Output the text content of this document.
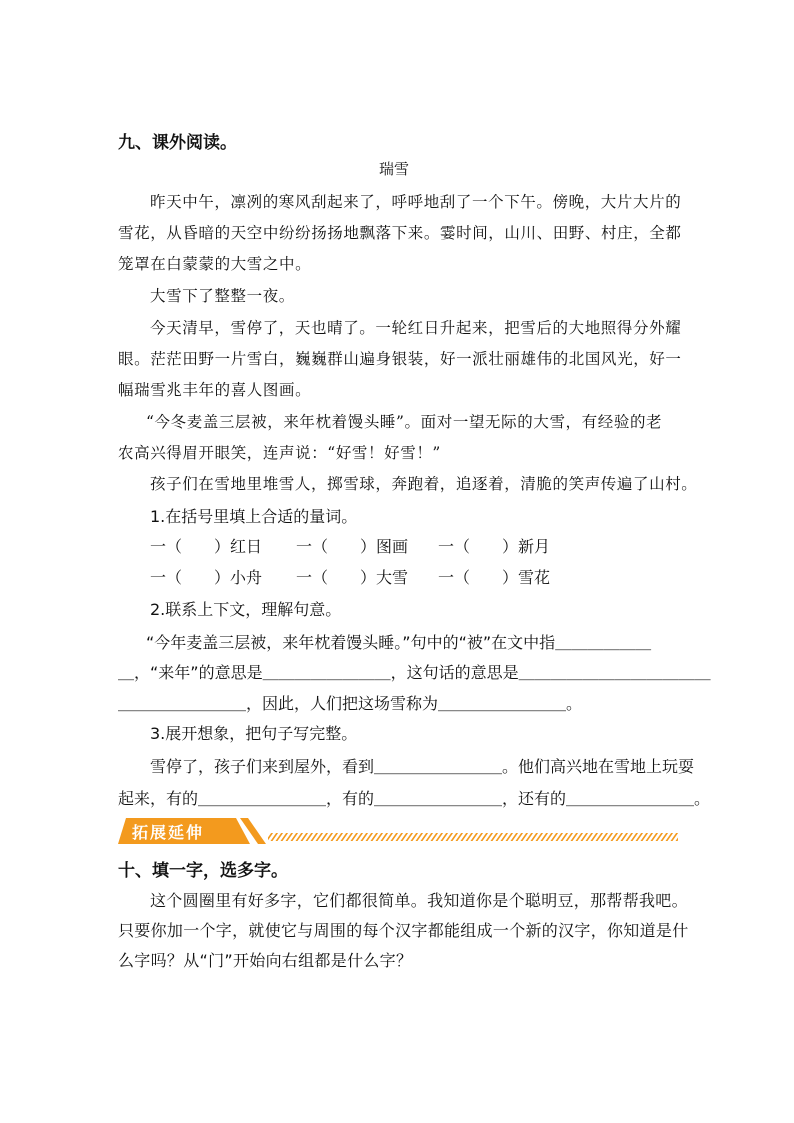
九、课外阅读。
瑞雪
昨天中午，凛冽的寒风刮起来了，呼呼地刮了一个下午。傍晚，大片大片的
雪花，从昏暗的天空中纷纷扬扬地飘落下来。霎时间，山川、田野、村庄，全都
笼罩在白蒙蒙的大雪之中。
大雪下了整整一夜。
今天清早，雪停了，天也晴了。一轮红日升起来，把雪后的大地照得分外耀
眼。茫茫田野一片雪白，巍巍群山遍身银装，好一派壮丽雄伟的北国风光，好一
幅瑞雪兆丰年的喜人图画。
“今冬麦盖三层被，来年枕着馒头睡”。面对一望无际的大雪，有经验的老
农高兴得眉开眼笑，连声说：“好雪！好雪！”
孩子们在雪地里堆雪人，掷雪球，奔跑着，追逐着，清脆的笑声传遍了山村。
1.在括号里填上合适的量词。
一（　　）红日 一（　　）图画 一（　　）新月
一（　　）小舟 一（　　）大雪 一（　　）雪花
2.联系上下文，理解句意。
“今年麦盖三层被，来年枕着馒头睡。”句中的“被”在文中指＿＿＿＿＿＿
＿，“来年”的意思是＿＿＿＿＿＿＿＿，这句话的意思是＿＿＿＿＿＿＿＿＿＿＿＿
＿＿＿＿＿＿＿＿，因此，人们把这场雪称为＿＿＿＿＿＿＿＿。
3.展开想象，把句子写完整。
雪停了，孩子们来到屋外，看到＿＿＿＿＿＿＿＿。他们高兴地在雪地上玩耍
起来，有的＿＿＿＿＿＿＿＿，有的＿＿＿＿＿＿＿＿，还有的＿＿＿＿＿＿＿＿。
拓展延伸
十、填一字，选多字。
这个圆圈里有好多字，它们都很简单。我知道你是个聪明豆，那帮帮我吧。
只要你加一个字，就使它与周围的每个汉字都能组成一个新的汉字，你知道是什
么字吗？从“门”开始向右组都是什么字？
